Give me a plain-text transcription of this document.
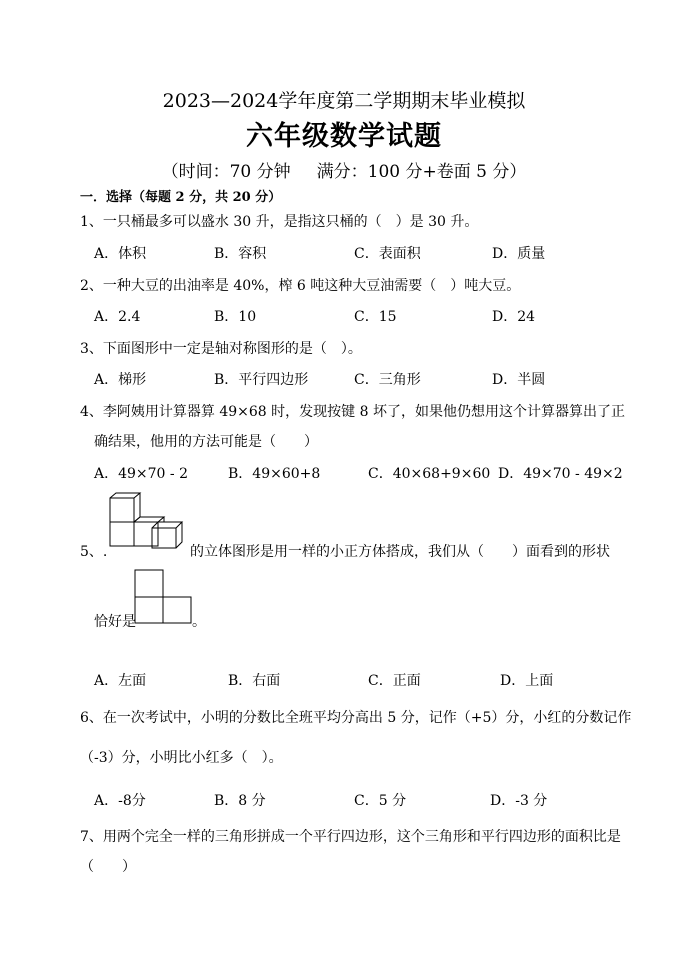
2023—2024学年度第二学期期末毕业模拟
六年级数学试题
（时间：70 分钟 满分：100 分+卷面 5 分）
一．选择（每题 2 分，共 20 分）
1、一只桶最多可以盛水 30 升，是指这只桶的（　）是 30 升。
A．体积	B．容积	C．表面积	D．质量
2、一种大豆的出油率是 40%，榨 6 吨这种大豆油需要（　）吨大豆。
A．2.4	B．10	C．15	D．24
3、下面图形中一定是轴对称图形的是（　）。
A．梯形	B．平行四边形	C．三角形	D．半圆
4、李阿姨用计算器算 49×68 时，发现按键 8 坏了，如果他仍想用这个计算器算出了正
确结果，他用的方法可能是（　　）
A．49×70 - 2	B．49×60+8	C．40×68+9×60 D．49×70 - 49×2
5、.	的立体图形是用一样的小正方体搭成，我们从（　　）面看到的形状
恰好是	。
A．左面	B．右面	C．正面	D．上面
6、在一次考试中，小明的分数比全班平均分高出 5 分，记作（+5）分，小红的分数记作
（-3）分，小明比小红多（　）。
A．-8分	B．8 分	C．5 分	D．-3 分
7、用两个完全一样的三角形拼成一个平行四边形，这个三角形和平行四边形的面积比是
（　　）
